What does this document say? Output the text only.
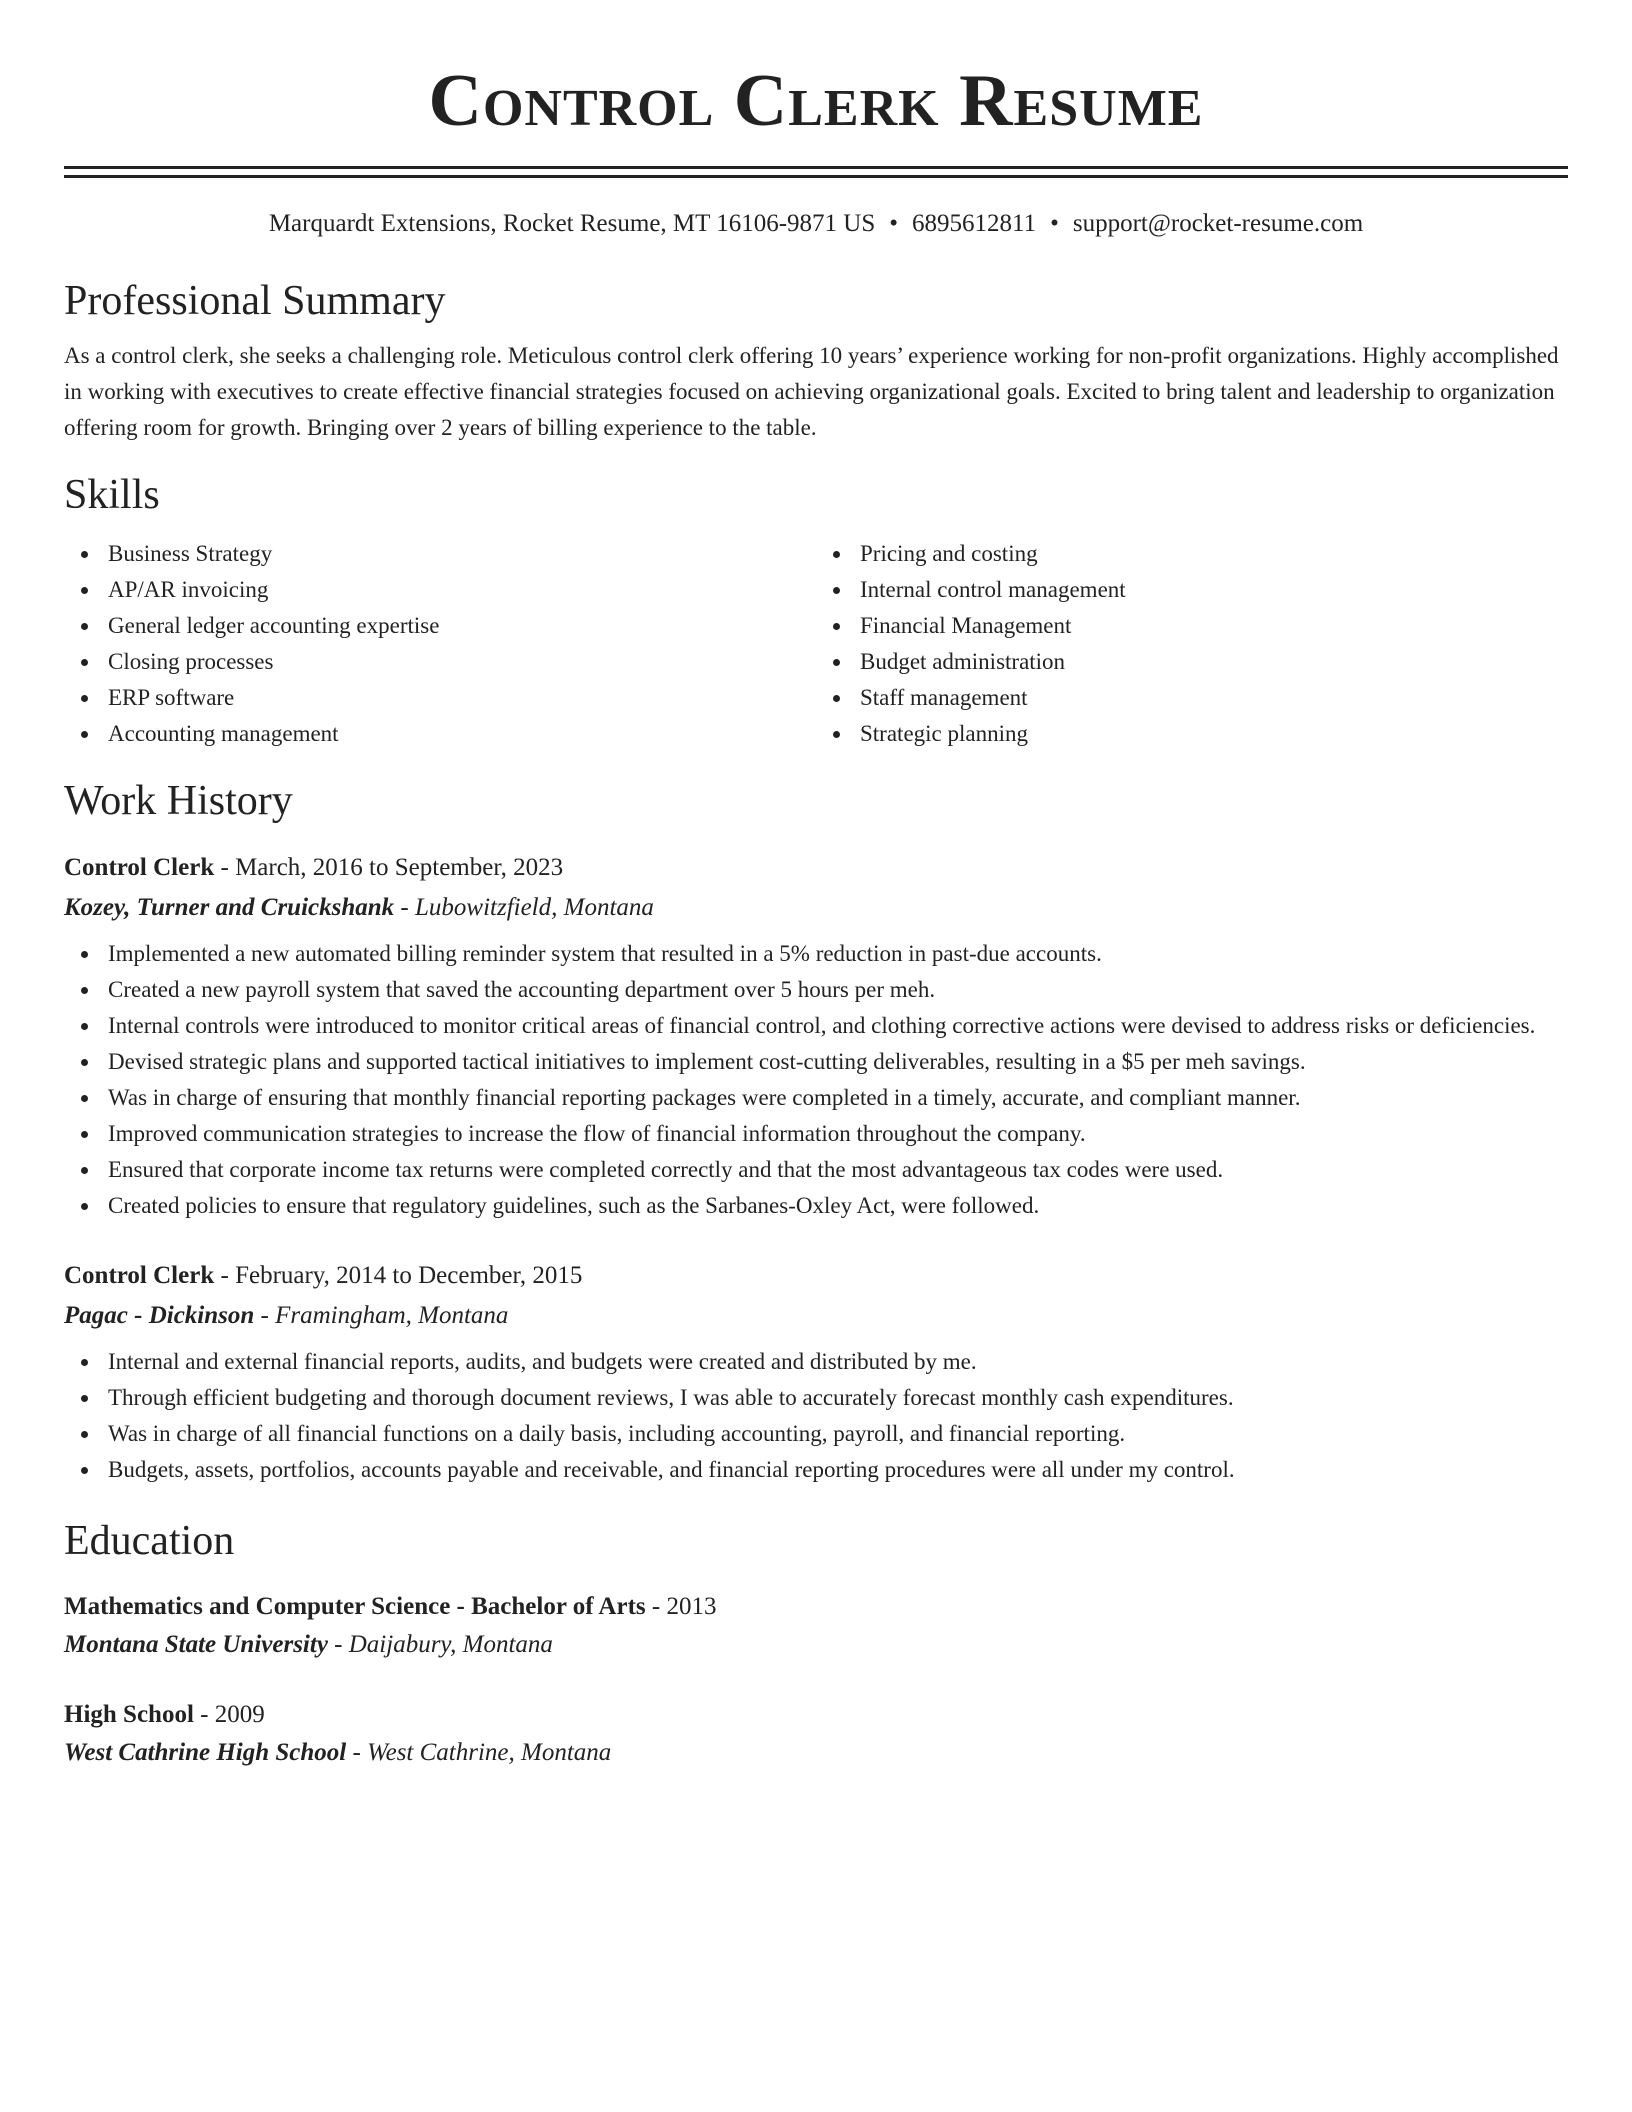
Control Clerk Resume
Marquardt Extensions, Rocket Resume, MT 16106-9871 US • 6895612811 • support@rocket-resume.com
Professional Summary
As a control clerk, she seeks a challenging role. Meticulous control clerk offering 10 years’ experience working for non-profit organizations. Highly accomplished in working with executives to create effective financial strategies focused on achieving organizational goals. Excited to bring talent and leadership to organization offering room for growth. Bringing over 2 years of billing experience to the table.
Skills
Business Strategy
AP/AR invoicing
General ledger accounting expertise
Closing processes
ERP software
Accounting management
Pricing and costing
Internal control management
Financial Management
Budget administration
Staff management
Strategic planning
Work History
Control Clerk - March, 2016 to September, 2023
Kozey, Turner and Cruickshank - Lubowitzfield, Montana
Implemented a new automated billing reminder system that resulted in a 5% reduction in past-due accounts.
Created a new payroll system that saved the accounting department over 5 hours per meh.
Internal controls were introduced to monitor critical areas of financial control, and clothing corrective actions were devised to address risks or deficiencies.
Devised strategic plans and supported tactical initiatives to implement cost-cutting deliverables, resulting in a $5 per meh savings.
Was in charge of ensuring that monthly financial reporting packages were completed in a timely, accurate, and compliant manner.
Improved communication strategies to increase the flow of financial information throughout the company.
Ensured that corporate income tax returns were completed correctly and that the most advantageous tax codes were used.
Created policies to ensure that regulatory guidelines, such as the Sarbanes-Oxley Act, were followed.
Control Clerk - February, 2014 to December, 2015
Pagac - Dickinson - Framingham, Montana
Internal and external financial reports, audits, and budgets were created and distributed by me.
Through efficient budgeting and thorough document reviews, I was able to accurately forecast monthly cash expenditures.
Was in charge of all financial functions on a daily basis, including accounting, payroll, and financial reporting.
Budgets, assets, portfolios, accounts payable and receivable, and financial reporting procedures were all under my control.
Education
Mathematics and Computer Science - Bachelor of Arts - 2013
Montana State University - Daijabury, Montana
High School - 2009
West Cathrine High School - West Cathrine, Montana
